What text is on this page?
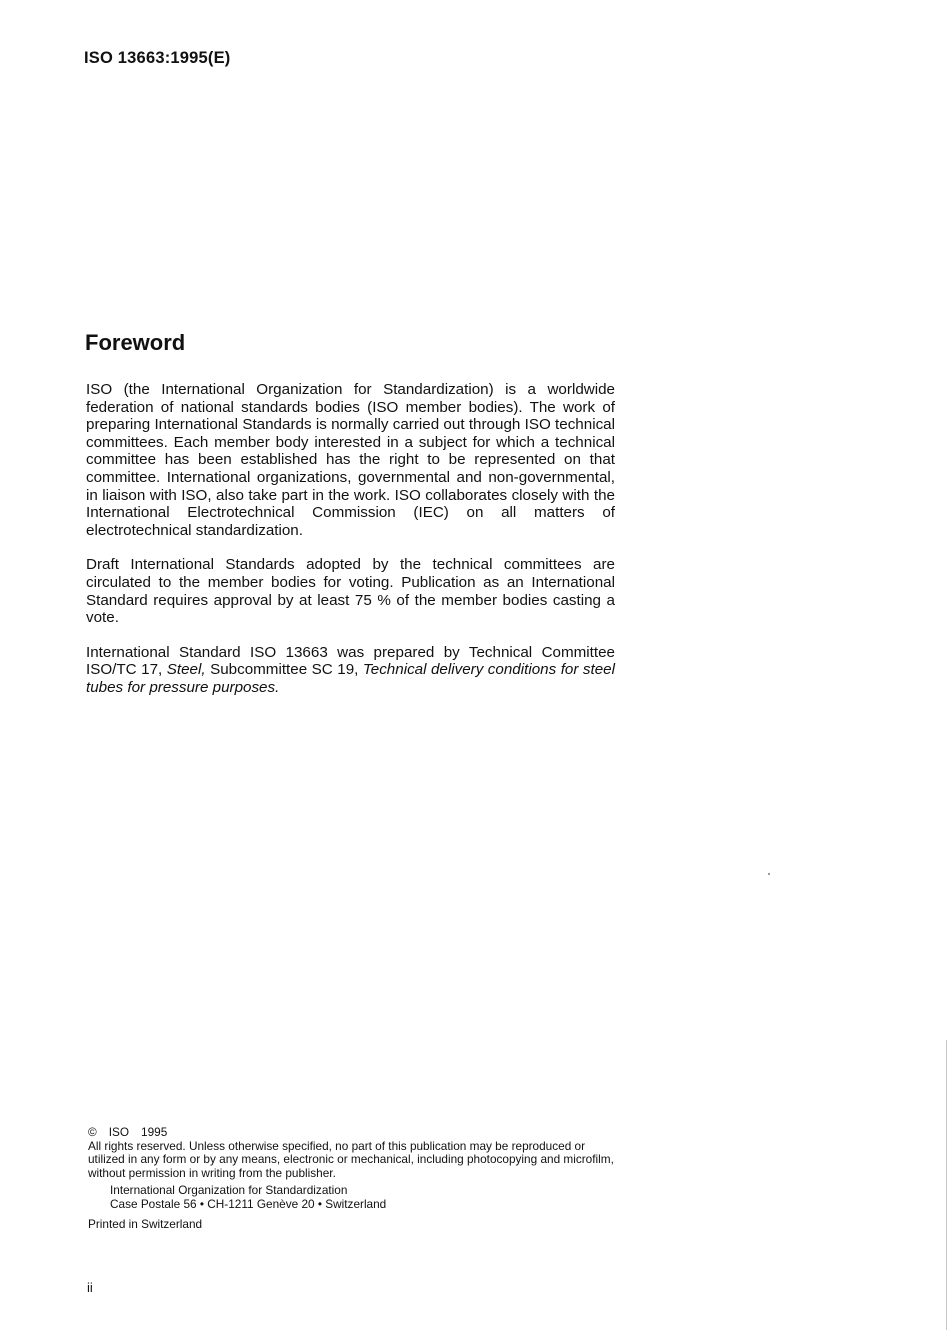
ISO 13663:1995(E)
Foreword

ISO (the International Organization for Standardization) is a worldwide federation of national standards bodies (ISO member bodies). The work of preparing International Standards is normally carried out through ISO technical committees. Each member body interested in a subject for which a technical committee has been established has the right to be represented on that committee. International organizations, governmental and non-governmental, in liaison with ISO, also take part in the work. ISO collaborates closely with the International Electrotechnical Commission (IEC) on all matters of electrotechnical standardization.

Draft International Standards adopted by the technical committees are circulated to the member bodies for voting. Publication as an International Standard requires approval by at least 75 % of the member bodies casting a vote.

International Standard ISO 13663 was prepared by Technical Committee ISO/TC 17, Steel, Subcommittee SC 19, Technical delivery conditions for steel tubes for pressure purposes.

© ISO 1995

All rights reserved. Unless otherwise specified, no part of this publication may be reproduced or utilized in any form or by any means, electronic or mechanical, including photocopying and microfilm, without permission in writing from the publisher.

International Organization for Standardization
Case Postale 56 • CH-1211 Genève 20 • Switzerland

Printed in Switzerland

ii
